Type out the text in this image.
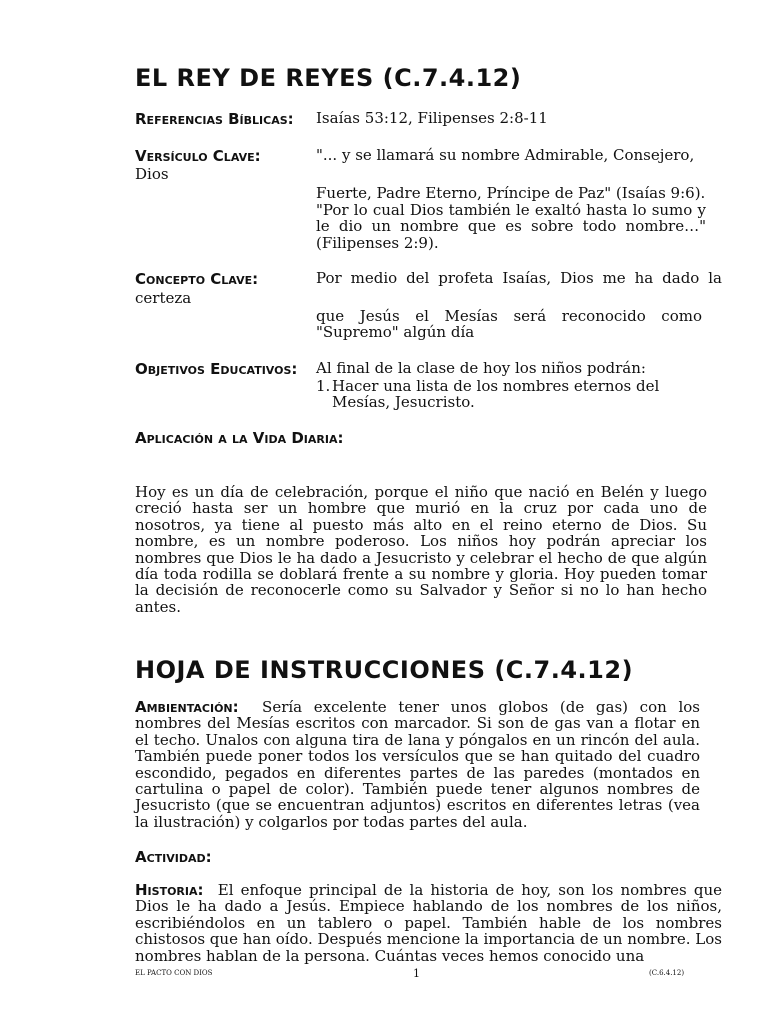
EL REY DE REYES (C.7.4.12)
Referencias Bíblicas: Isaías 53:12, Filipenses 2:8-11
Versículo Clave:	"... y se llamará su nombre Admirable, Consejero,
Dios
Fuerte, Padre Eterno, Príncipe de Paz" (Isaías 9:6).
"Por lo cual Dios también le exaltó hasta lo sumo y le dio un nombre que es sobre todo nombre…" (Filipenses 2:9).
Concepto Clave:	Por medio del profeta Isaías, Dios me ha dado la
certeza
que Jesús el Mesías será reconocido como "Supremo" algún día
Objetivos Educativos: Al final de la clase de hoy los niños podrán:
1. Hacer una lista de los nombres eternos del Mesías, Jesucristo.
Aplicación a la Vida Diaria:
Hoy es un día de celebración, porque el niño que nació en Belén y luego creció hasta ser un hombre que murió en la cruz por cada uno de nosotros, ya tiene al puesto más alto en el reino eterno de Dios. Su nombre, es un nombre poderoso. Los niños hoy podrán apreciar los nombres que Dios le ha dado a Jesucristo y celebrar el hecho de que algún día toda rodilla se doblará frente a su nombre y gloria. Hoy pueden tomar la decisión de reconocerle como su Salvador y Señor si no lo han hecho antes.
HOJA DE INSTRUCCIONES (C.7.4.12)
Ambientación: Sería excelente tener unos globos (de gas) con los nombres del Mesías escritos con marcador. Si son de gas van a flotar en el techo. Unalos con alguna tira de lana y póngalos en un rincón del aula. También puede poner todos los versículos que se han quitado del cuadro escondido, pegados en diferentes partes de las paredes (montados en cartulina o papel de color). También puede tener algunos nombres de Jesucristo (que se encuentran adjuntos) escritos en diferentes letras (vea la ilustración) y colgarlos por todas partes del aula.
Actividad:
Historia: El enfoque principal de la historia de hoy, son los nombres que Dios le ha dado a Jesús. Empiece hablando de los nombres de los niños, escribiéndolos en un tablero o papel. También hable de los nombres chistosos que han oído. Después mencione la importancia de un nombre. Los nombres hablan de la persona. Cuántas veces hemos conocido una
EL PACTO CON DIOS	1	(C.6.4.12)
